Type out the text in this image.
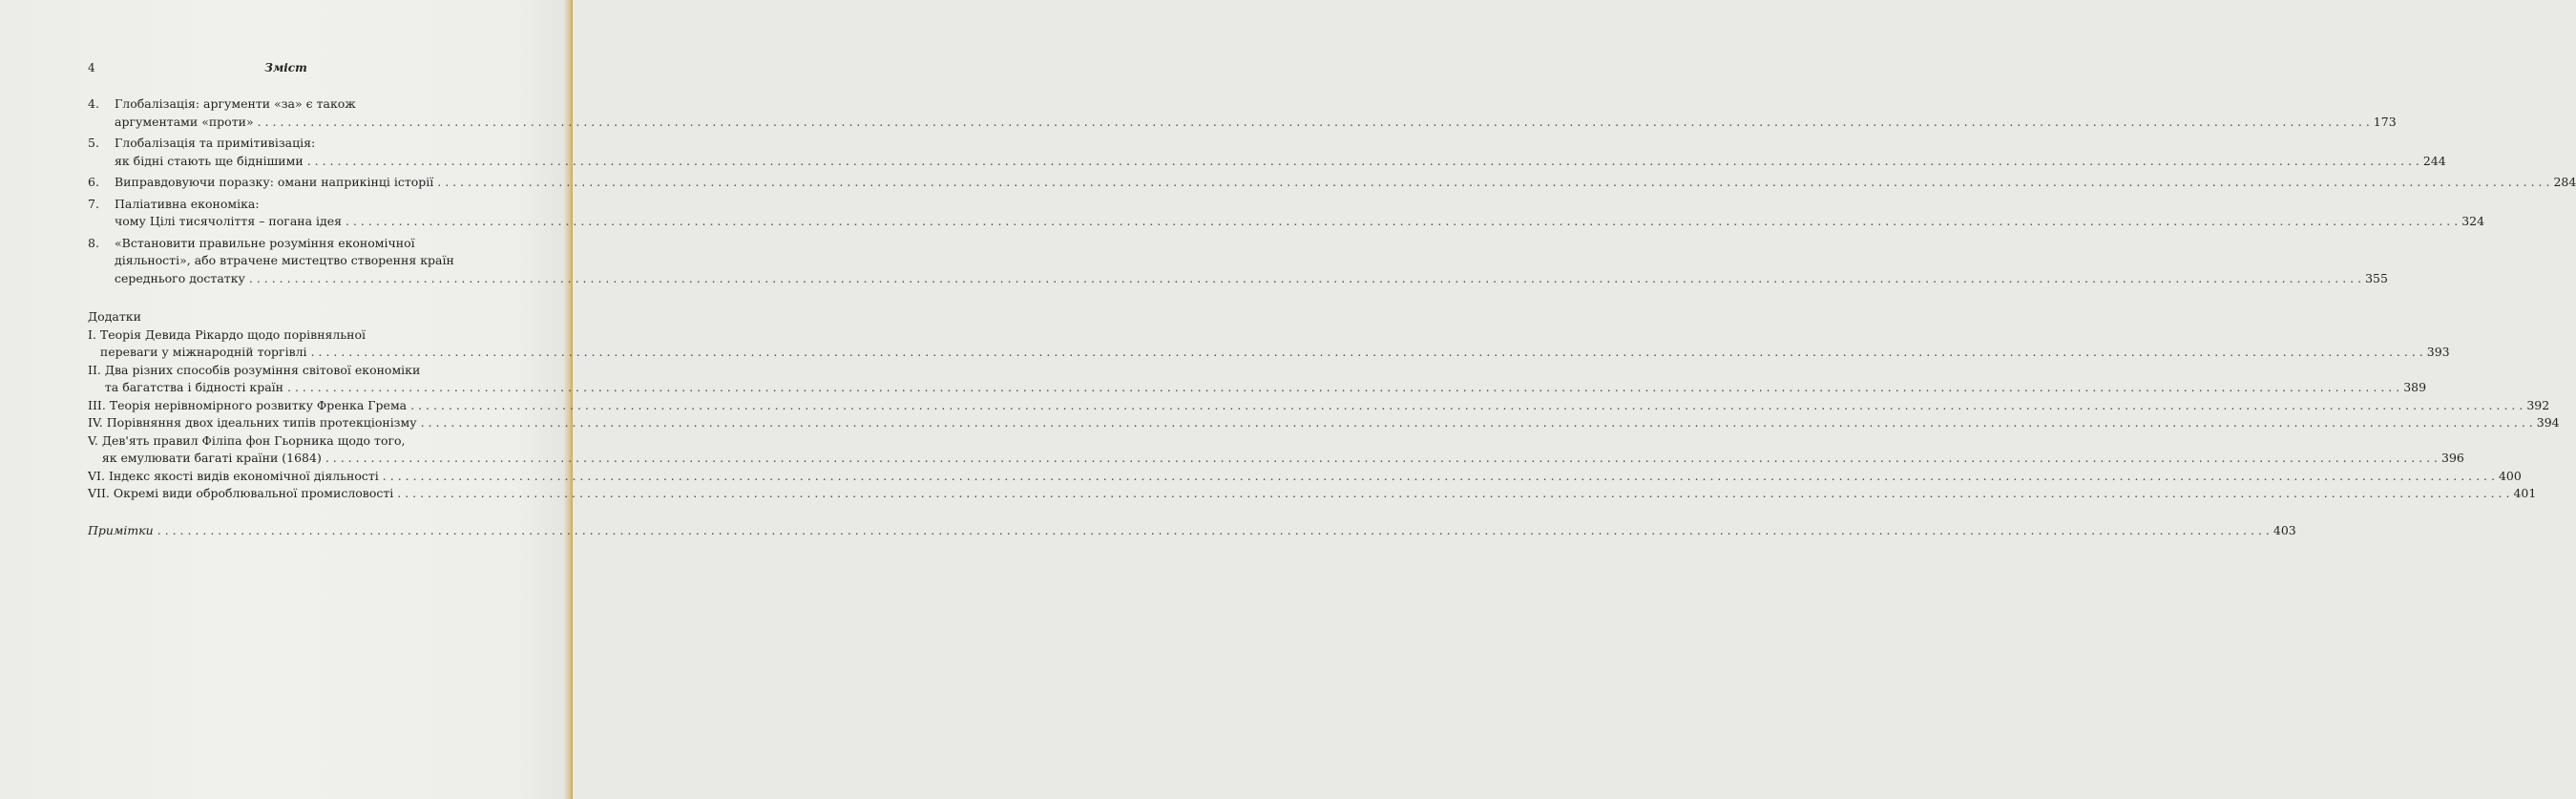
4	Зміст
4. Глобалізація: аргументи «за» є також
аргументами «проти» . . .	173
5. Глобалізація та примітивізація:
як бідні стають ще біднішими . . .	244
6. Виправдовуючи поразку: омани наприкінці історії . . .	284
7. Паліативна економіка:
чому Цілі тисячоліття – погана ідея . . .	324
8. «Встановити правильне розуміння економічної
діяльності», або втрачене мистецтво створення країн
середнього достатку . . .	355
Додатки
I. Теорія Девида Рікардо щодо порівняльної
переваги у міжнародній торгівлі . . .	393
II. Два різних способів розуміння світової економіки
та багатства і бідності країн . . .	389
III. Теорія нерівномірного розвитку Френка Грема . . .	392
IV. Порівняння двох ідеальних типів протекціонізму . . .	394
V. Дев'ять правил Філіпа фон Гьорника щодо того,
як емулювати багаті країни (1684) . . .	396
VI. Індекс якості видів економічної діяльності . . .	400
VII. Окремі види оброблювальної промисловості . . .	401
Примітки . . .	403
